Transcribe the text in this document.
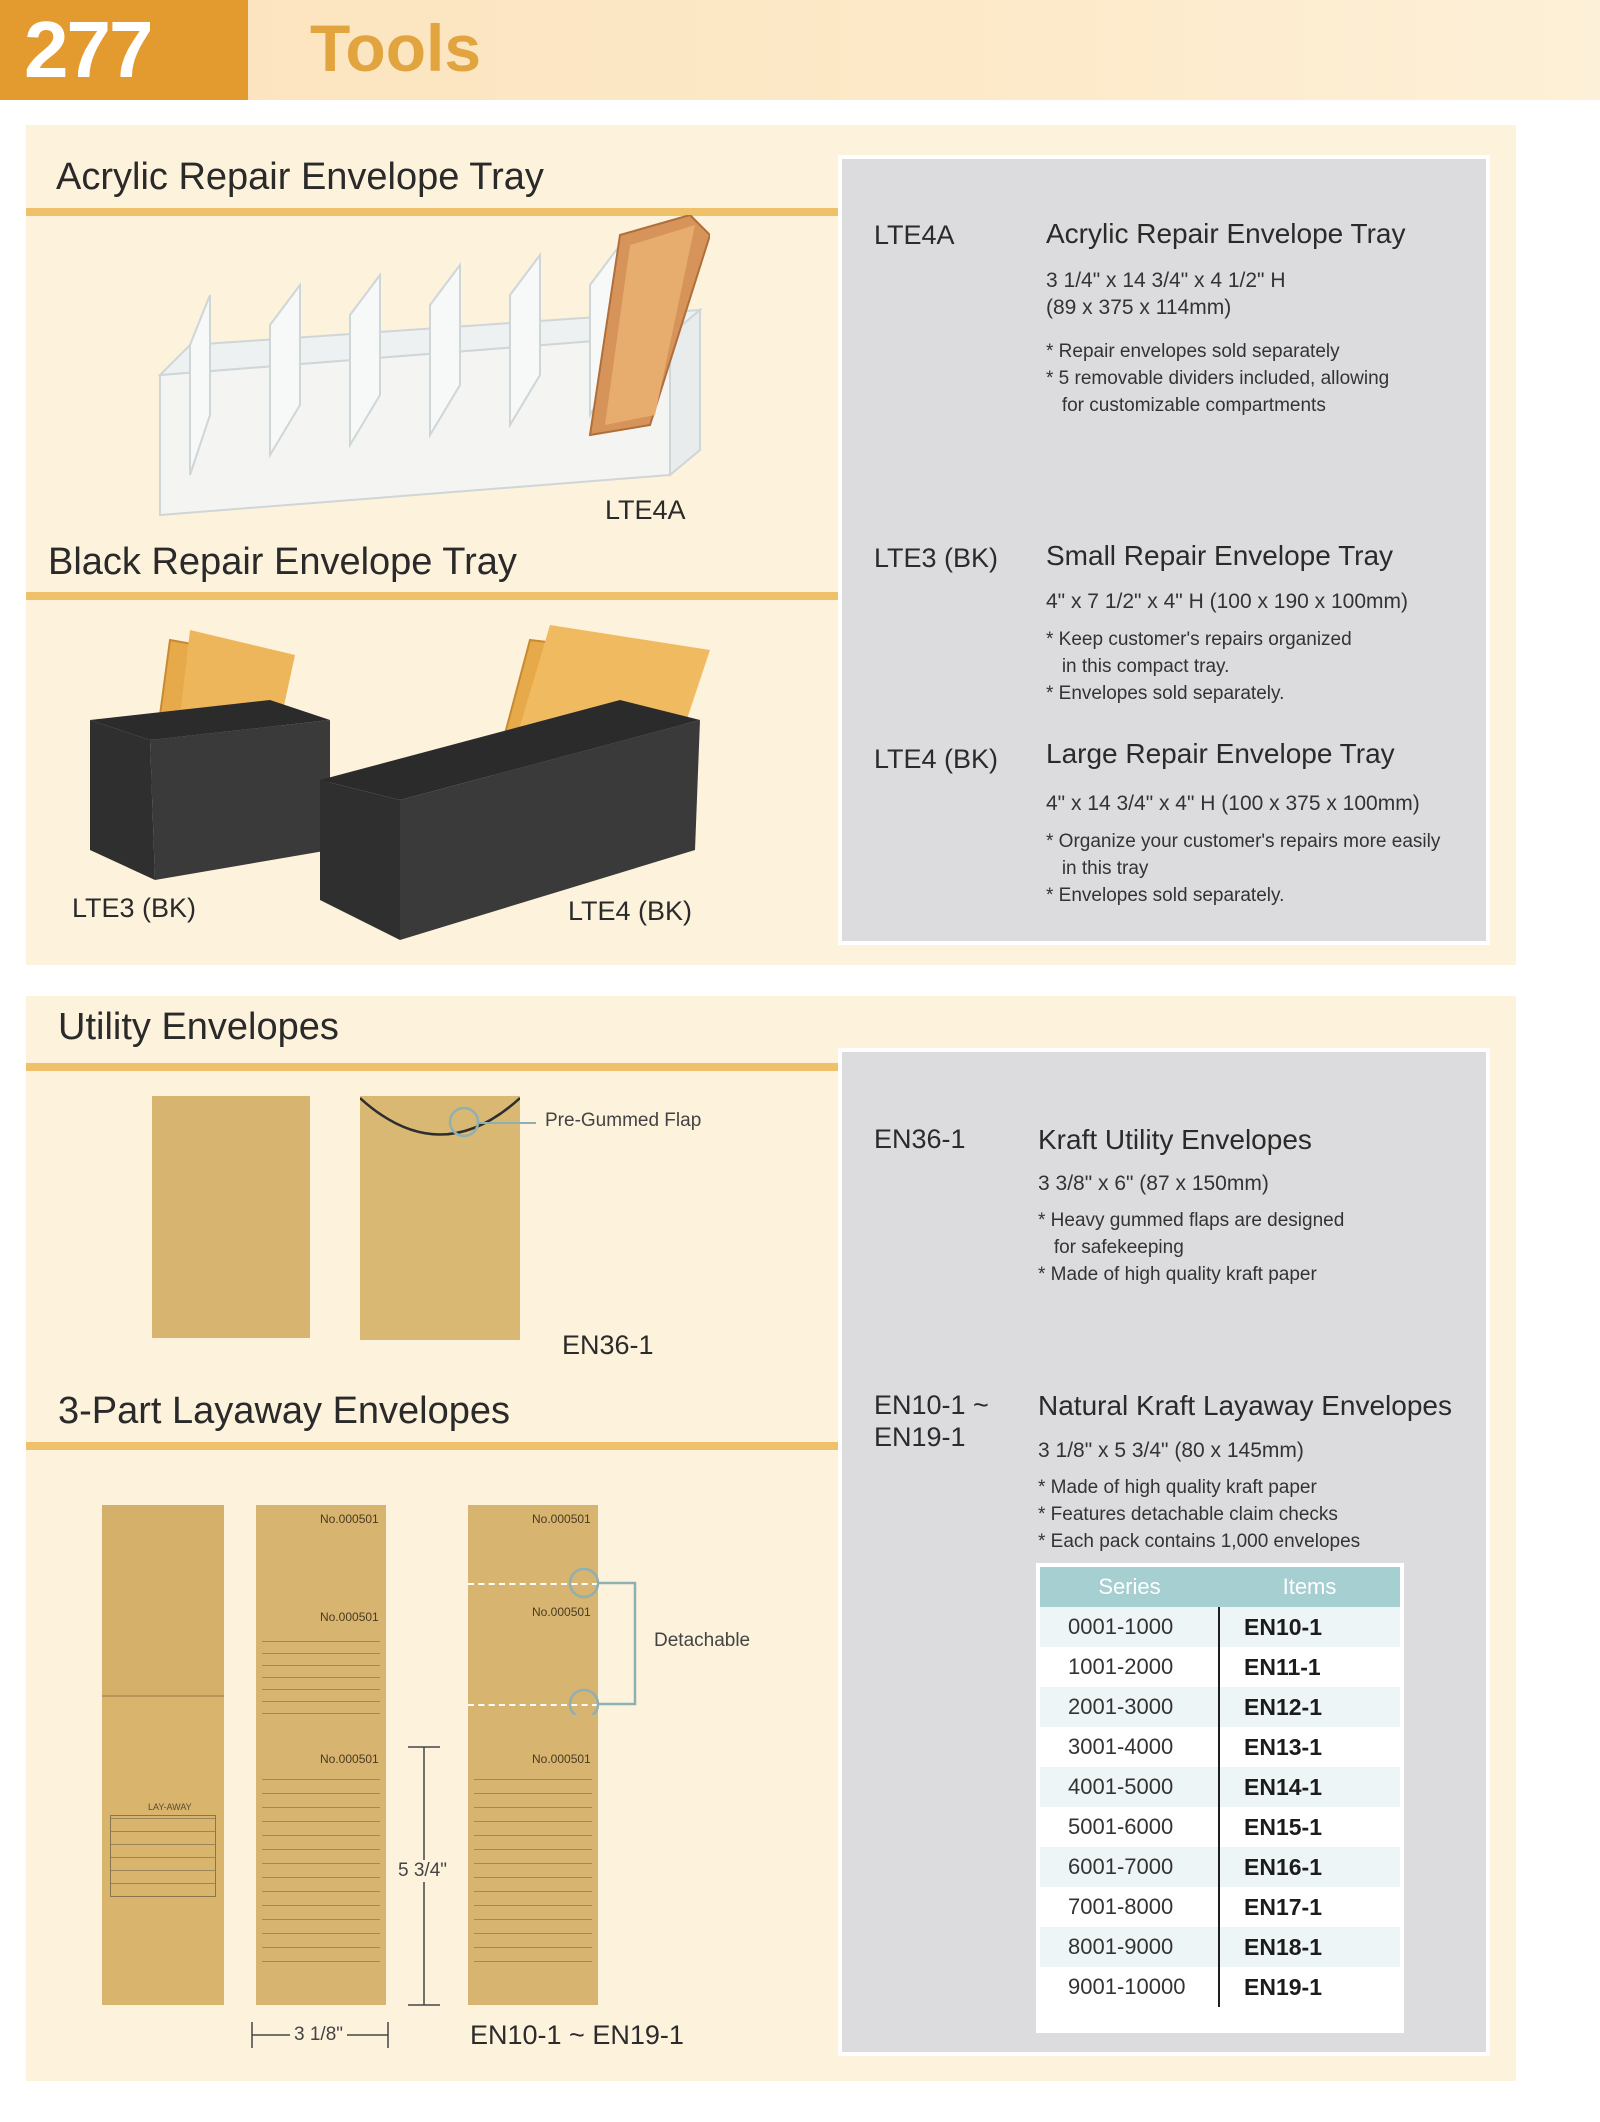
277	Tools
Acrylic Repair Envelope Tray
LTE4A
Black Repair Envelope Tray
LTE3 (BK)	LTE4 (BK)
LTE4A	Acrylic Repair Envelope Tray
3 1/4" x 14 3/4" x 4 1/2" H
(89 x 375 x 114mm)
* Repair envelopes sold separately
* 5 removable dividers included, allowing
for customizable compartments
LTE3 (BK) Small Repair Envelope Tray
4" x 7 1/2" x 4" H (100 x 190 x 100mm)
* Keep customer's repairs organized
in this compact tray.
* Envelopes sold separately.
LTE4 (BK) Large Repair Envelope Tray
4" x 14 3/4" x 4" H (100 x 375 x 100mm)
* Organize your customer's repairs more easily
in this tray
* Envelopes sold separately.
Utility Envelopes
Pre-Gummed Flap
EN36-1
3-Part Layaway Envelopes
LAY-AWAY
No.000501
No.000501
No.000501
No.000501
No.000501
No.000501
Detachable
5 3/4"
3 1/8"	EN10-1 ~ EN19-1
EN36-1	Kraft Utility Envelopes
3 3/8" x 6" (87 x 150mm)
* Heavy gummed flaps are designed
for safekeeping
* Made of high quality kraft paper
EN10-1 ~
EN19-1
Natural Kraft Layaway Envelopes
3 1/8" x 5 3/4" (80 x 145mm)
* Made of high quality kraft paper
* Features detachable claim checks
* Each pack contains 1,000 envelopes
Series	Items
0001-1000	EN10-1
1001-2000	EN11-1
2001-3000	EN12-1
3001-4000	EN13-1
4001-5000	EN14-1
5001-6000	EN15-1
6001-7000	EN16-1
7001-8000	EN17-1
8001-9000	EN18-1
9001-10000	EN19-1
